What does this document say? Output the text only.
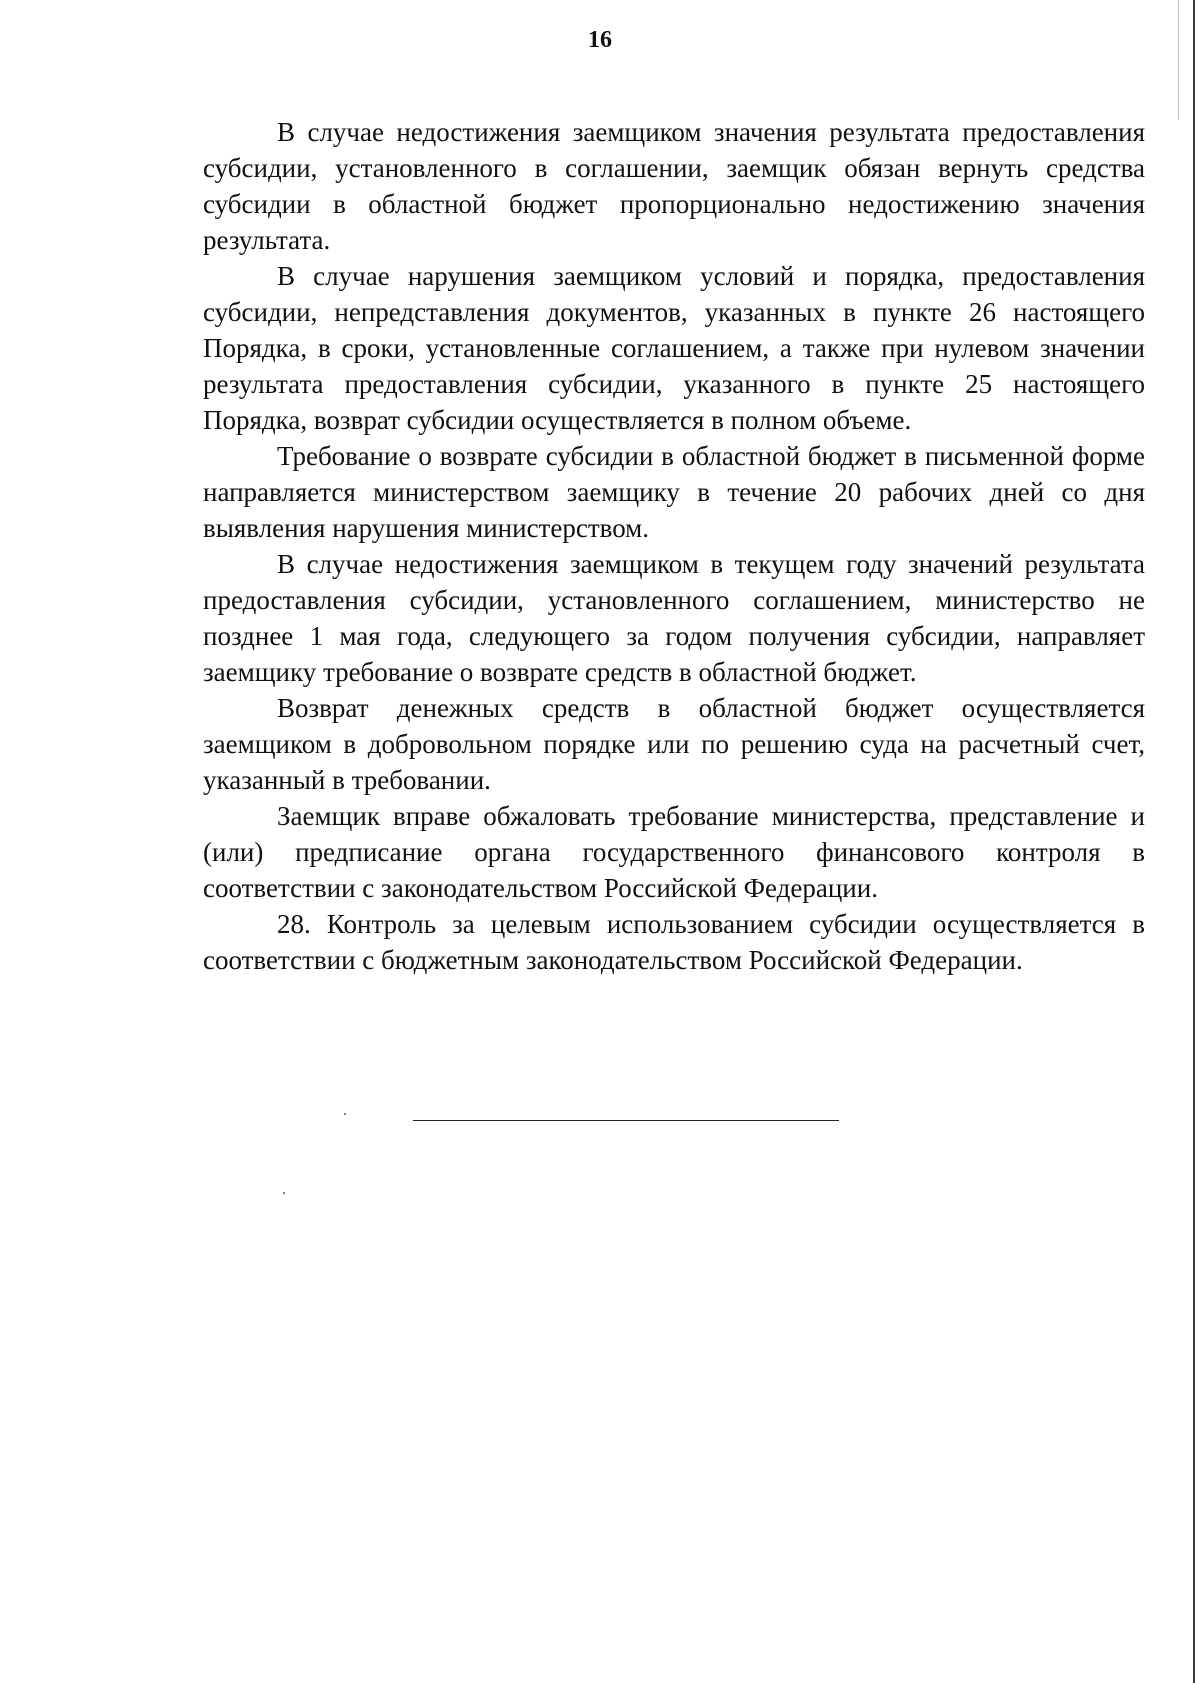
16

В случае недостижения заемщиком значения результата предоставления субсидии, установленного в соглашении, заемщик обязан вернуть средства субсидии в областной бюджет пропорционально недостижению значения результата.

В случае нарушения заемщиком условий и порядка, предоставления субсидии, непредставления документов, указанных в пункте 26 настоящего Порядка, в сроки, установленные соглашением, а также при нулевом значении результата предоставления субсидии, указанного в пункте 25 настоящего Порядка, возврат субсидии осуществляется в полном объеме.

Требование о возврате субсидии в областной бюджет в письменной форме направляется министерством заемщику в течение 20 рабочих дней со дня выявления нарушения министерством.

В случае недостижения заемщиком в текущем году значений результата предоставления субсидии, установленного соглашением, министерство не позднее 1 мая года, следующего за годом получения субсидии, направляет заемщику требование о возврате средств в областной бюджет.

Возврат денежных средств в областной бюджет осуществляется заемщиком в добровольном порядке или по решению суда на расчетный счет, указанный в требовании.

Заемщик вправе обжаловать требование министерства, представление и (или) предписание органа государственного финансового контроля в соответствии с законодательством Российской Федерации.

28. Контроль за целевым использованием субсидии осуществляется в соответствии с бюджетным законодательством Российской Федерации.
